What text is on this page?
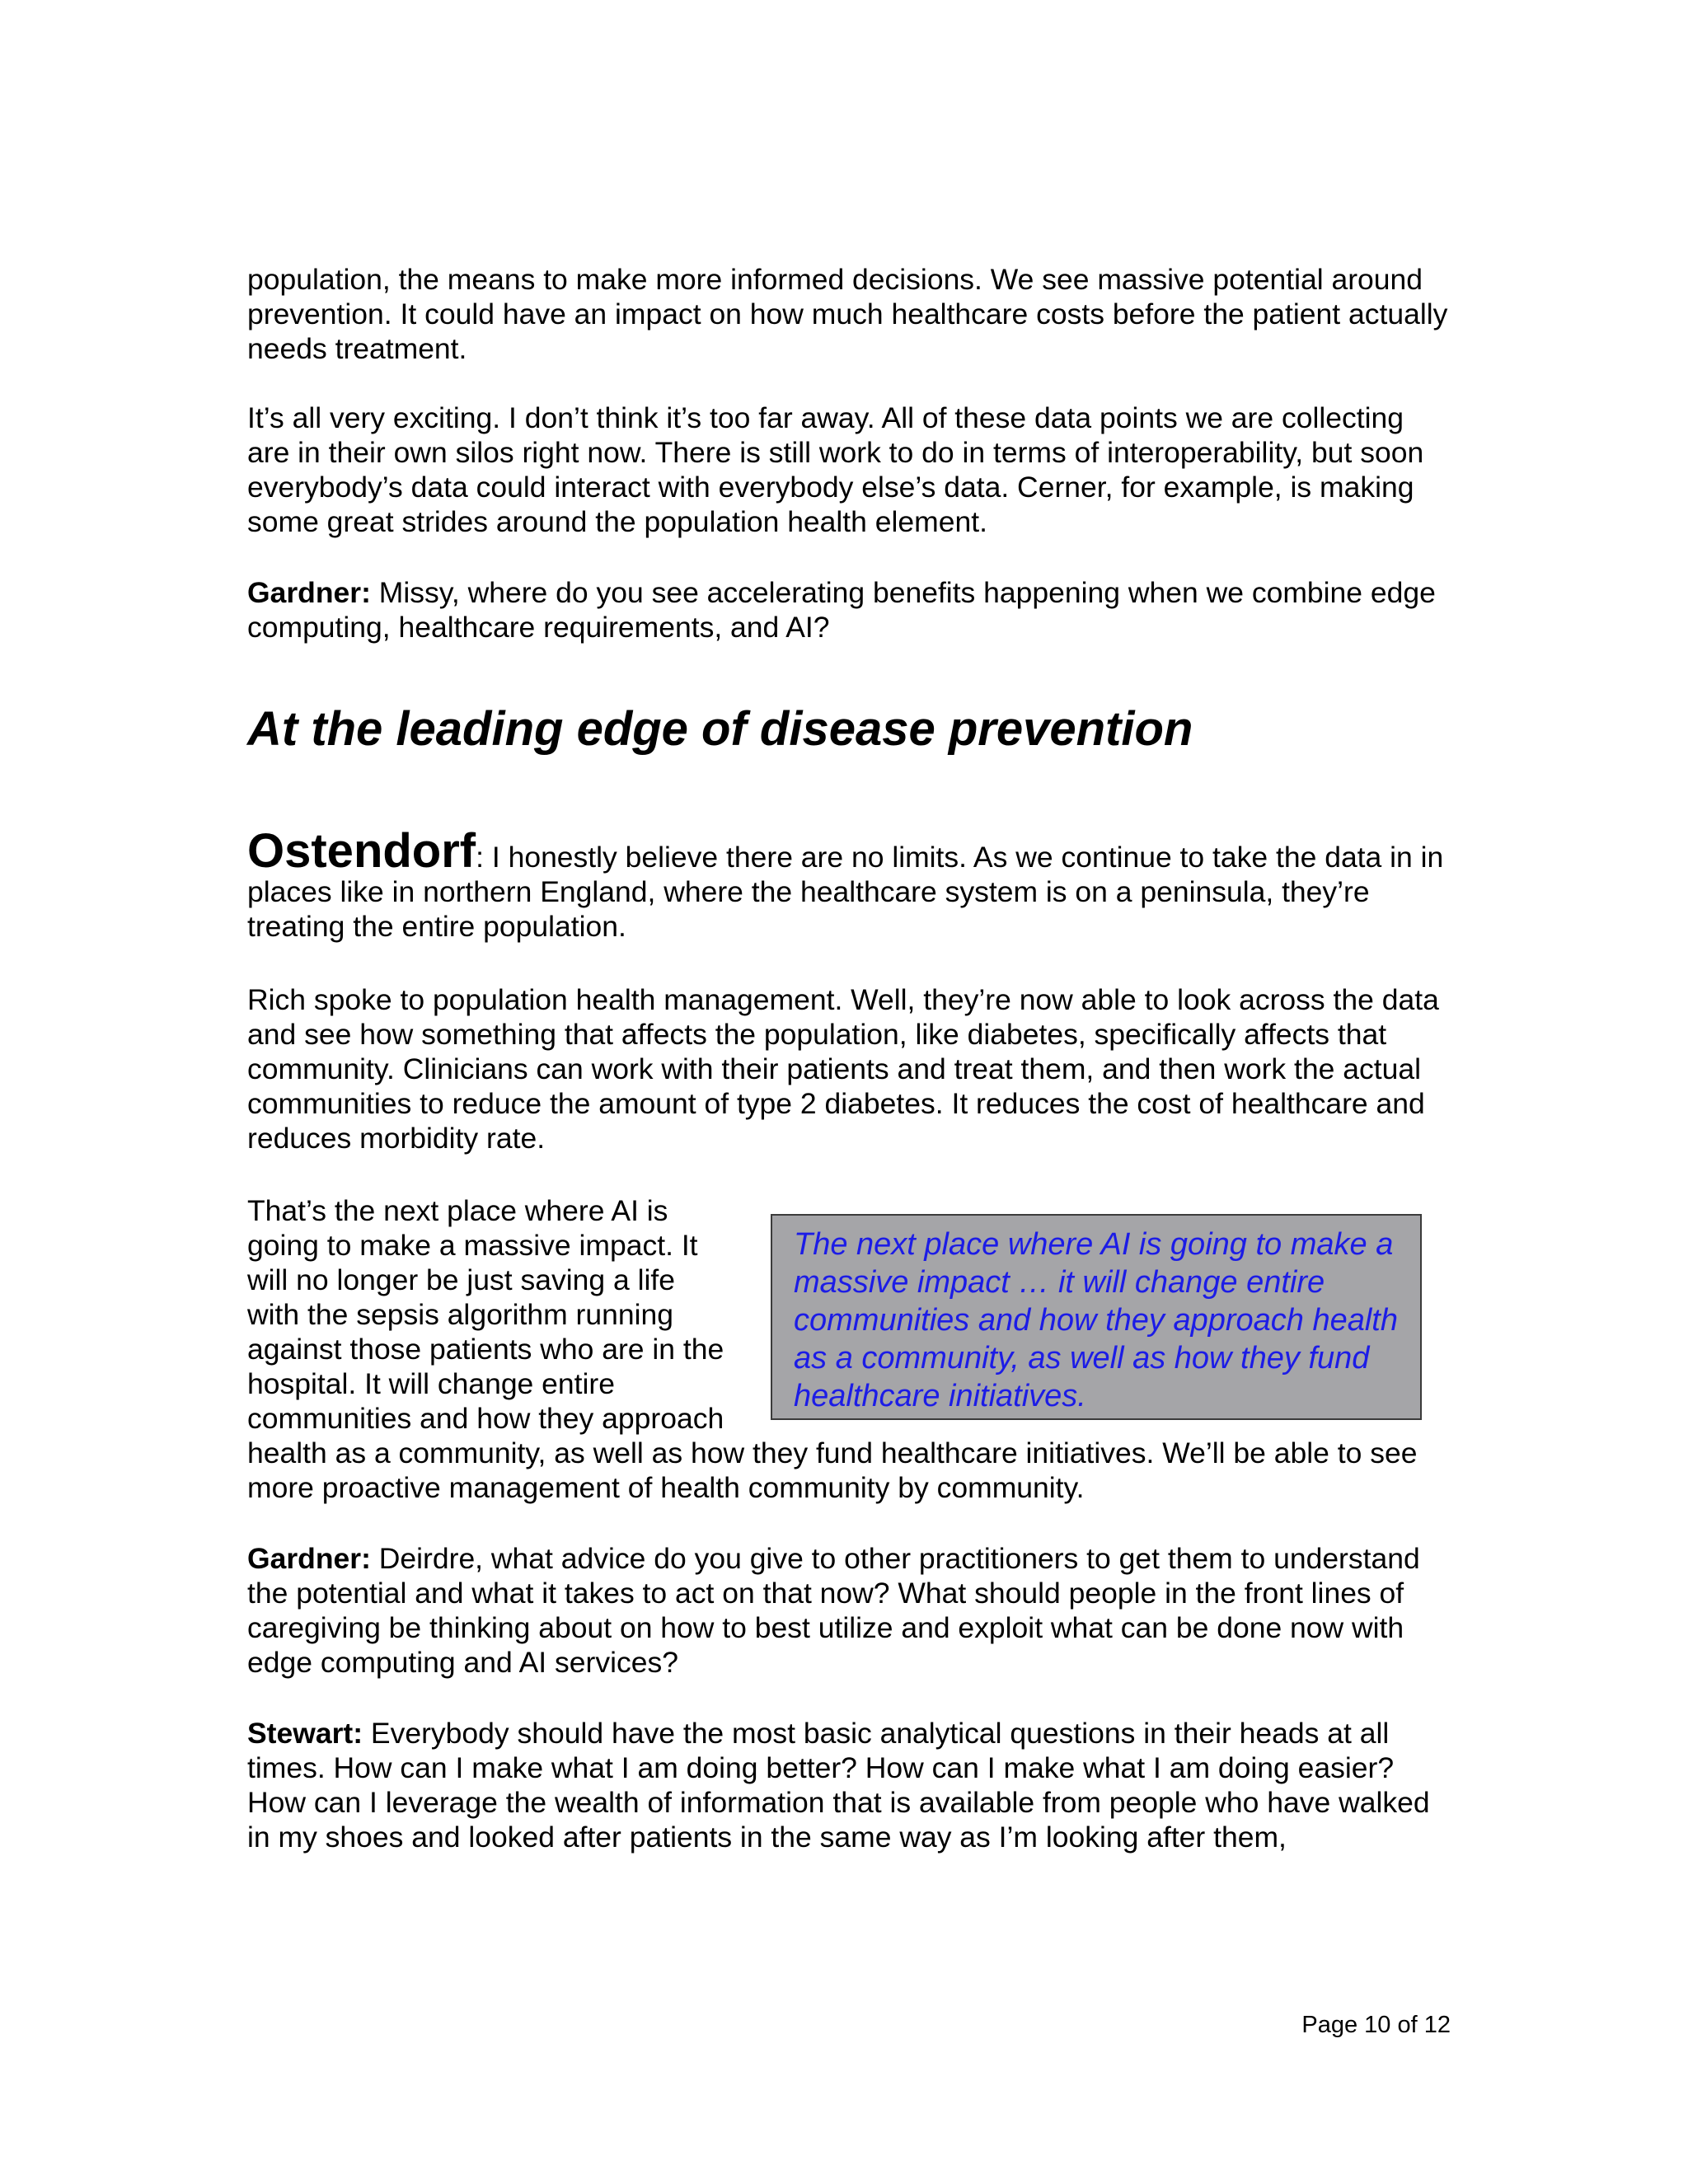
population, the means to make more informed decisions. We see massive potential around prevention. It could have an impact on how much healthcare costs before the patient actually needs treatment.

It’s all very exciting. I don’t think it’s too far away. All of these data points we are collecting are in their own silos right now. There is still work to do in terms of interoperability, but soon everybody’s data could interact with everybody else’s data. Cerner, for example, is making some great strides around the population health element.

Gardner: Missy, where do you see accelerating benefits happening when we combine edge computing, healthcare requirements, and AI?

At the leading edge of disease prevention

Ostendorf: I honestly believe there are no limits. As we continue to take the data in in places like in northern England, where the healthcare system is on a peninsula, they’re treating the entire population.

Rich spoke to population health management. Well, they’re now able to look across the data and see how something that affects the population, like diabetes, specifically affects that community. Clinicians can work with their patients and treat them, and then work the actual communities to reduce the amount of type 2 diabetes. It reduces the cost of healthcare and reduces morbidity rate.

That’s the next place where AI is
going to make a massive impact. It
will no longer be just saving a life
with the sepsis algorithm running
against those patients who are in the
hospital. It will change entire
communities and how they approach
The next place where AI is going to make a massive impact … it will change entire communities and how they approach health as a community, as well as how they fund healthcare initiatives.

health as a community, as well as how they fund healthcare initiatives. We’ll be able to see more proactive management of health community by community.

Gardner: Deirdre, what advice do you give to other practitioners to get them to understand the potential and what it takes to act on that now? What should people in the front lines of caregiving be thinking about on how to best utilize and exploit what can be done now with edge computing and AI services?

Stewart: Everybody should have the most basic analytical questions in their heads at all times. How can I make what I am doing better? How can I make what I am doing easier? How can I leverage the wealth of information that is available from people who have walked in my shoes and looked after patients in the same way as I’m looking after them,

Page 10 of 12
